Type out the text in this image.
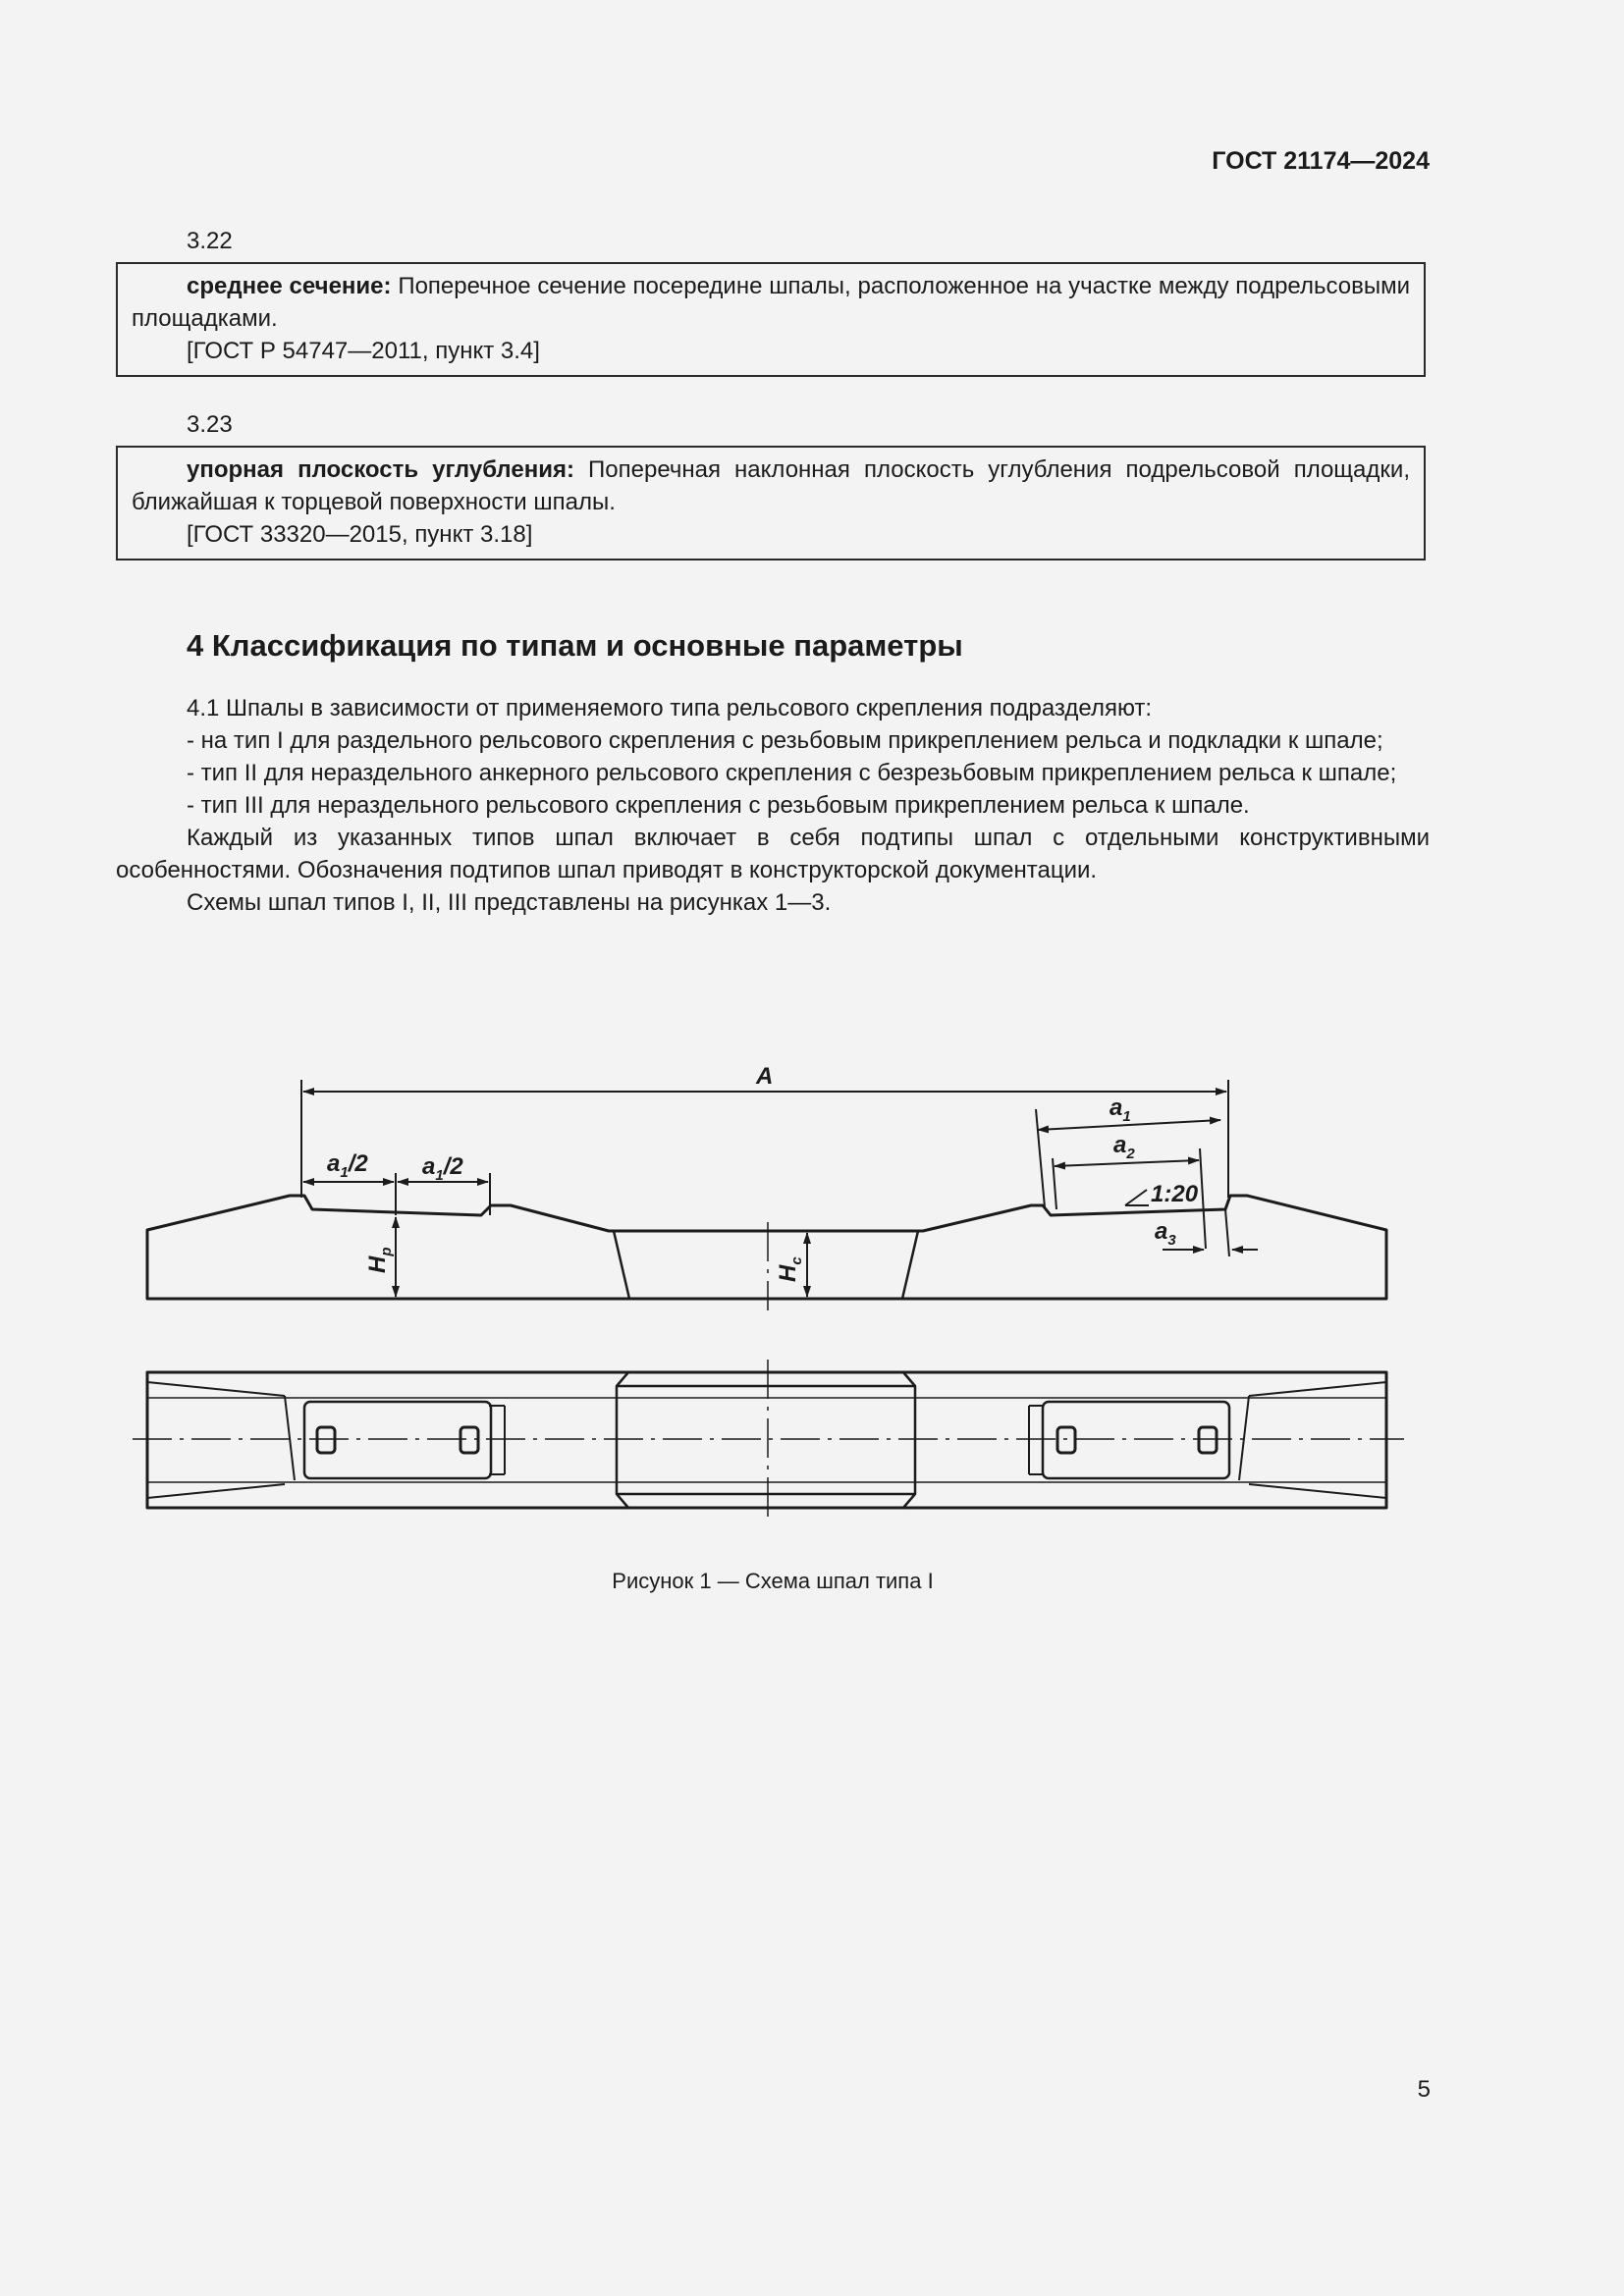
ГОСТ 21174—2024
3.22

среднее сечение: Поперечное сечение посередине шпалы, расположенное на участке между подрельсовыми площадками.

[ГОСТ Р 54747—2011, пункт 3.4]

3.23

упорная плоскость углубления: Поперечная наклонная плоскость углубления подрельсовой площадки, ближайшая к торцевой поверхности шпалы.

[ГОСТ 33320—2015, пункт 3.18]

4 Классификация по типам и основные параметры

4.1 Шпалы в зависимости от применяемого типа рельсового скрепления подразделяют:

- на тип I для раздельного рельсового скрепления с резьбовым прикреплением рельса и подкладки к шпале;

- тип II для нераздельного анкерного рельсового скрепления с безрезьбовым прикреплением рельса к шпале;

- тип III для нераздельного рельсового скрепления с резьбовым прикреплением рельса к шпале.

Каждый из указанных типов шпал включает в себя подтипы шпал с отдельными конструктивными особенностями. Обозначения подтипов шпал приводят в конструкторской документации.

Схемы шпал типов I, II, III представлены на рисунках 1—3.

A
$a_1/2$ $a_1/2$
$a_1$
$a_2$
1:20
$a_3$
$H_р$
$H_с$
Рисунок 1 — Схема шпал типа I
5
